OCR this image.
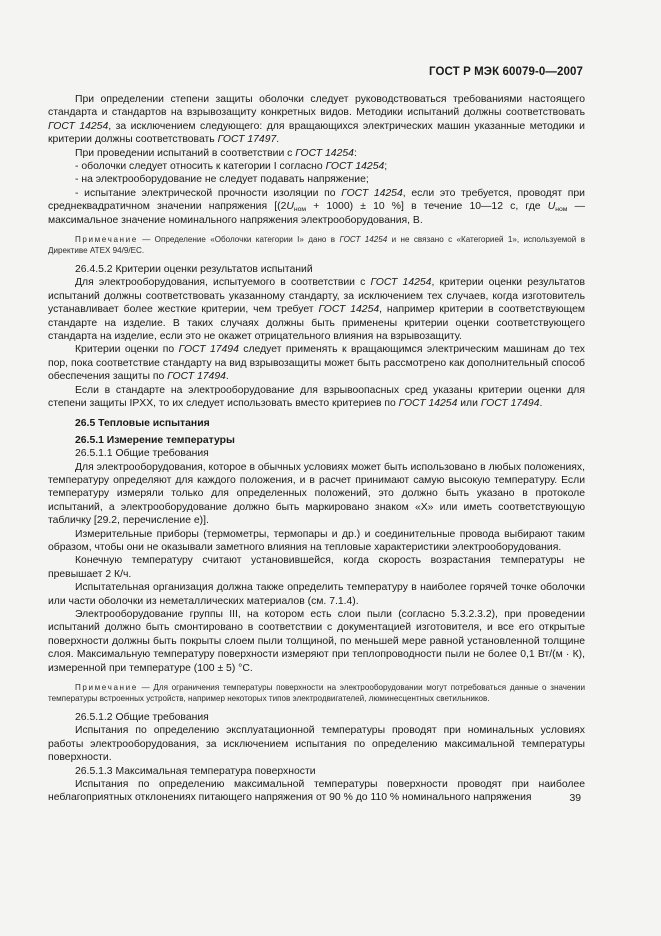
ГОСТ Р МЭК 60079-0—2007

При определении степени защиты оболочки следует руководствоваться требованиями настоящего стандарта и стандартов на взрывозащиту конкретных видов. Методики испытаний должны соответствовать ГОСТ 14254, за исключением следующего: для вращающихся электрических машин указанные методики и критерии должны соответствовать ГОСТ 17497.

При проведении испытаний в соответствии с ГОСТ 14254:

- оболочки следует относить к категории I согласно ГОСТ 14254;

- на электрооборудование не следует подавать напряжение;

- испытание электрической прочности изоляции по ГОСТ 14254, если это требуется, проводят при среднеквадратичном значении напряжения [$(2U_{ном} + 1000) \pm 10$ %] в течение 10—12 с, где $U_{ном}$ — максимальное значение номинального напряжения электрооборудования, В.

Примечание — Определение «Оболочки категории I» дано в ГОСТ 14254 и не связано с «Категорией 1», используемой в Директиве ATEX 94/9/EC.

26.4.5.2 Критерии оценки результатов испытаний

Для электрооборудования, испытуемого в соответствии с ГОСТ 14254, критерии оценки результатов испытаний должны соответствовать указанному стандарту, за исключением тех случаев, когда изготовитель устанавливает более жесткие критерии, чем требует ГОСТ 14254, например критерии в соответствующем стандарте на изделие. В таких случаях должны быть применены критерии оценки соответствующего стандарта на изделие, если это не окажет отрицательного влияния на взрывозащиту.

Критерии оценки по ГОСТ 17494 следует применять к вращающимся электрическим машинам до тех пор, пока соответствие стандарту на вид взрывозащиты может быть рассмотрено как дополнительный способ обеспечения защиты по ГОСТ 17494.

Если в стандарте на электрооборудование для взрывоопасных сред указаны критерии оценки для степени защиты IPXX, то их следует использовать вместо критериев по ГОСТ 14254 или ГОСТ 17494.

26.5 Тепловые испытания

26.5.1 Измерение температуры

26.5.1.1 Общие требования

Для электрооборудования, которое в обычных условиях может быть использовано в любых положениях, температуру определяют для каждого положения, и в расчет принимают самую высокую температуру. Если температуру измеряли только для определенных положений, это должно быть указано в протоколе испытаний, а электрооборудование должно быть маркировано знаком «Х» или иметь соответствующую табличку [29.2, перечисление е)].

Измерительные приборы (термометры, термопары и др.) и соединительные провода выбирают таким образом, чтобы они не оказывали заметного влияния на тепловые характеристики электрооборудования.

Конечную температуру считают установившейся, когда скорость возрастания температуры не превышает 2 К/ч.

Испытательная организация должна также определить температуру в наиболее горячей точке оболочки или части оболочки из неметаллических материалов (см. 7.1.4).

Электрооборудование группы III, на котором есть слои пыли (согласно 5.3.2.3.2), при проведении испытаний должно быть смонтировано в соответствии с документацией изготовителя, и все его открытые поверхности должны быть покрыты слоем пыли толщиной, по меньшей мере равной установленной толщине слоя. Максимальную температуру поверхности измеряют при теплопроводности пыли не более 0,1 Вт/(м · К), измеренной при температуре (100 ± 5) °С.

Примечание — Для ограничения температуры поверхности на электрооборудовании могут потребоваться данные о значении температуры встроенных устройств, например некоторых типов электродвигателей, люминесцентных светильников.

26.5.1.2 Общие требования

Испытания по определению эксплуатационной температуры проводят при номинальных условиях работы электрооборудования, за исключением испытания по определению максимальной температуры поверхности.

26.5.1.3 Максимальная температура поверхности

Испытания по определению максимальной температуры поверхности проводят при наиболее неблагоприятных отклонениях питающего напряжения от 90 % до 110 % номинального напряжения	39
